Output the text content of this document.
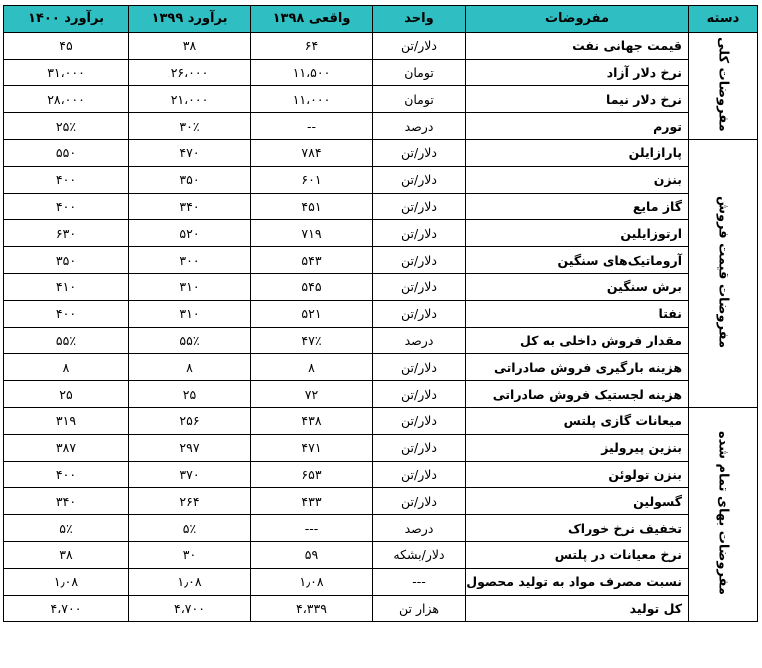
دسته	مفروضات	واحد	واقعی ۱۳۹۸	برآورد ۱۳۹۹	برآورد ۱۴۰۰
مفروضات کلی	قیمت جهانی نفت	دلار/تن	۶۴	۳۸	۴۵
	نرخ دلار آزاد	تومان	۱۱،۵۰۰	۲۶،۰۰۰	۳۱،۰۰۰
	نرخ دلار نیما	تومان	۱۱،۰۰۰	۲۱،۰۰۰	۲۸،۰۰۰
	تورم	درصد	--	۳۰٪	۲۵٪
مفروضات قیمت فروش	پارازایلن	دلار/تن	۷۸۴	۴۷۰	۵۵۰
	بنزن	دلار/تن	۶۰۱	۳۵۰	۴۰۰
	گاز مایع	دلار/تن	۴۵۱	۳۴۰	۴۰۰
	ارتوزایلین	دلار/تن	۷۱۹	۵۲۰	۶۳۰
	آروماتیک‌های سنگین	دلار/تن	۵۴۳	۳۰۰	۳۵۰
	برش سنگین	دلار/تن	۵۴۵	۳۱۰	۴۱۰
	نفتا	دلار/تن	۵۲۱	۳۱۰	۴۰۰
	مقدار فروش داخلی به کل	درصد	۴۷٪	۵۵٪	۵۵٪
	هزینه بارگیری فروش صادراتی	دلار/تن	۸	۸	۸
	هزینه لجستیک فروش صادراتی	دلار/تن	۷۲	۲۵	۲۵
مفروضات بهای تمام شده	میعانات گازی پلتس	دلار/تن	۴۳۸	۲۵۶	۳۱۹
	بنزین پیرولیز	دلار/تن	۴۷۱	۲۹۷	۳۸۷
	بنزن تولوئن	دلار/تن	۶۵۳	۳۷۰	۴۰۰
	گسولین	دلار/تن	۴۳۳	۲۶۴	۳۴۰
	تخفیف نرخ خوراک	درصد	---	۵٪	۵٪
	نرخ معیانات در پلتس	دلار/بشکه	۵۹	۳۰	۳۸
	نسبت مصرف مواد به تولید محصول	---	۱٫۰۸	۱٫۰۸	۱٫۰۸
	کل تولید	هزار تن	۴،۳۳۹	۴،۷۰۰	۴،۷۰۰
